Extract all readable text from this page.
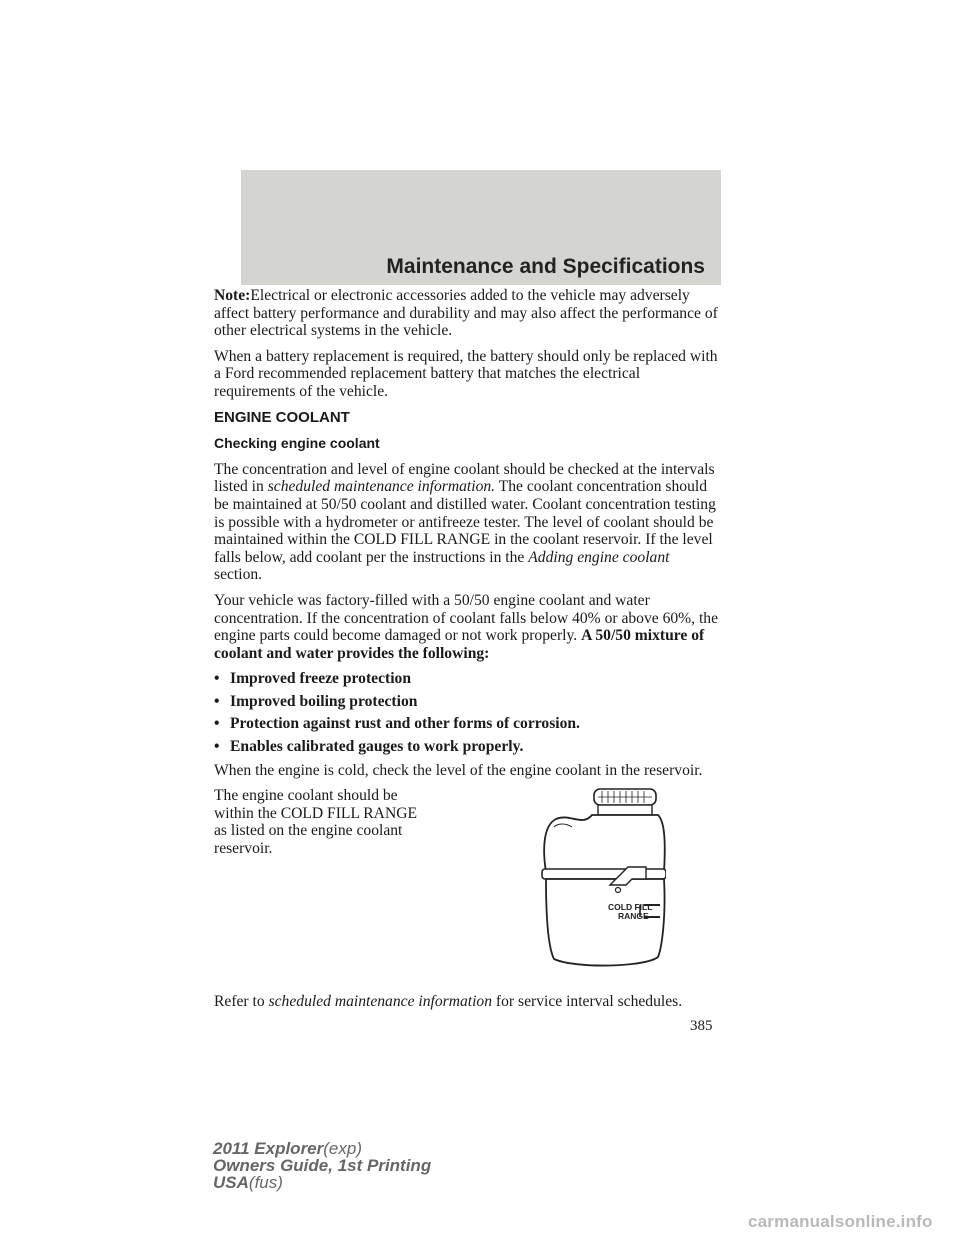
Maintenance and Specifications

Note:Electrical or electronic accessories added to the vehicle may adversely affect battery performance and durability and may also affect the performance of other electrical systems in the vehicle.

When a battery replacement is required, the battery should only be replaced with a Ford recommended replacement battery that matches the electrical requirements of the vehicle.

ENGINE COOLANT
Checking engine coolant

The concentration and level of engine coolant should be checked at the intervals listed in scheduled maintenance information. The coolant concentration should be maintained at 50/50 coolant and distilled water. Coolant concentration testing is possible with a hydrometer or antifreeze tester. The level of coolant should be maintained within the COLD FILL RANGE in the coolant reservoir. If the level falls below, add coolant per the instructions in the Adding engine coolant section.

Your vehicle was factory-filled with a 50/50 engine coolant and water concentration. If the concentration of coolant falls below 40% or above 60%, the engine parts could become damaged or not work properly. A 50/50 mixture of coolant and water provides the following:

• Improved freeze protection
• Improved boiling protection
• Protection against rust and other forms of corrosion.
• Enables calibrated gauges to work properly.

When the engine is cold, check the level of the engine coolant in the reservoir.

The engine coolant should be within the COLD FILL RANGE as listed on the engine coolant reservoir.

COLD FILL
RANGE

Refer to scheduled maintenance information for service interval schedules.

385
2011 Explorer(exp)
Owners Guide, 1st Printing
USA(fus)
carmanualsonline.info
